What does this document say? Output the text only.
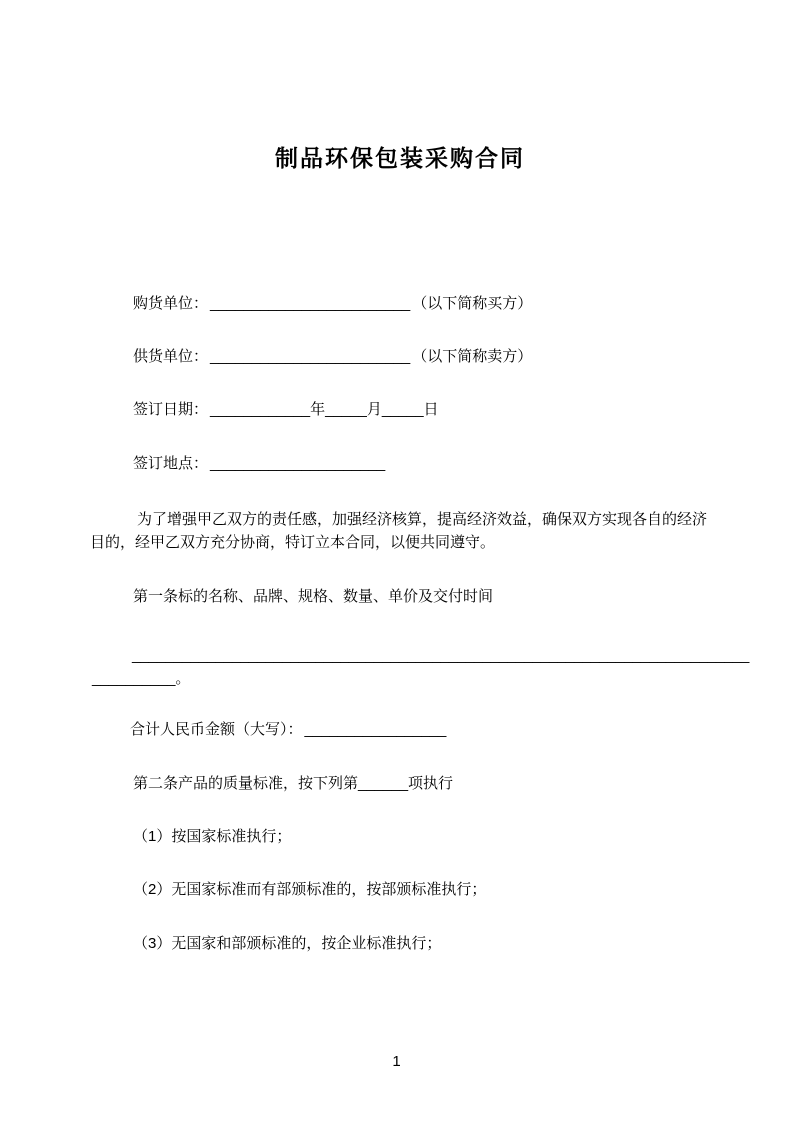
制品环保包装采购合同

购货单位： ________________________ （以下简称买方）

供货单位： ________________________ （以下简称卖方）

签订日期： ____________年_____月_____日

签订地点： _____________________

为了增强甲乙双方的责任感，加强经济核算，提高经济效益，确保双方实现各自的经济目的，经甲乙双方充分协商，特订立本合同，以便共同遵守。

第一条标的名称、品牌、规格、数量、单价及交付时间

__________________________________________________________________________
__________。

合计人民币金额（大写）： _________________

第二条产品的质量标准，按下列第______项执行

（1）按国家标准执行；

（2）无国家标准而有部颁标准的，按部颁标准执行；

（3）无国家和部颁标准的，按企业标准执行；

1
